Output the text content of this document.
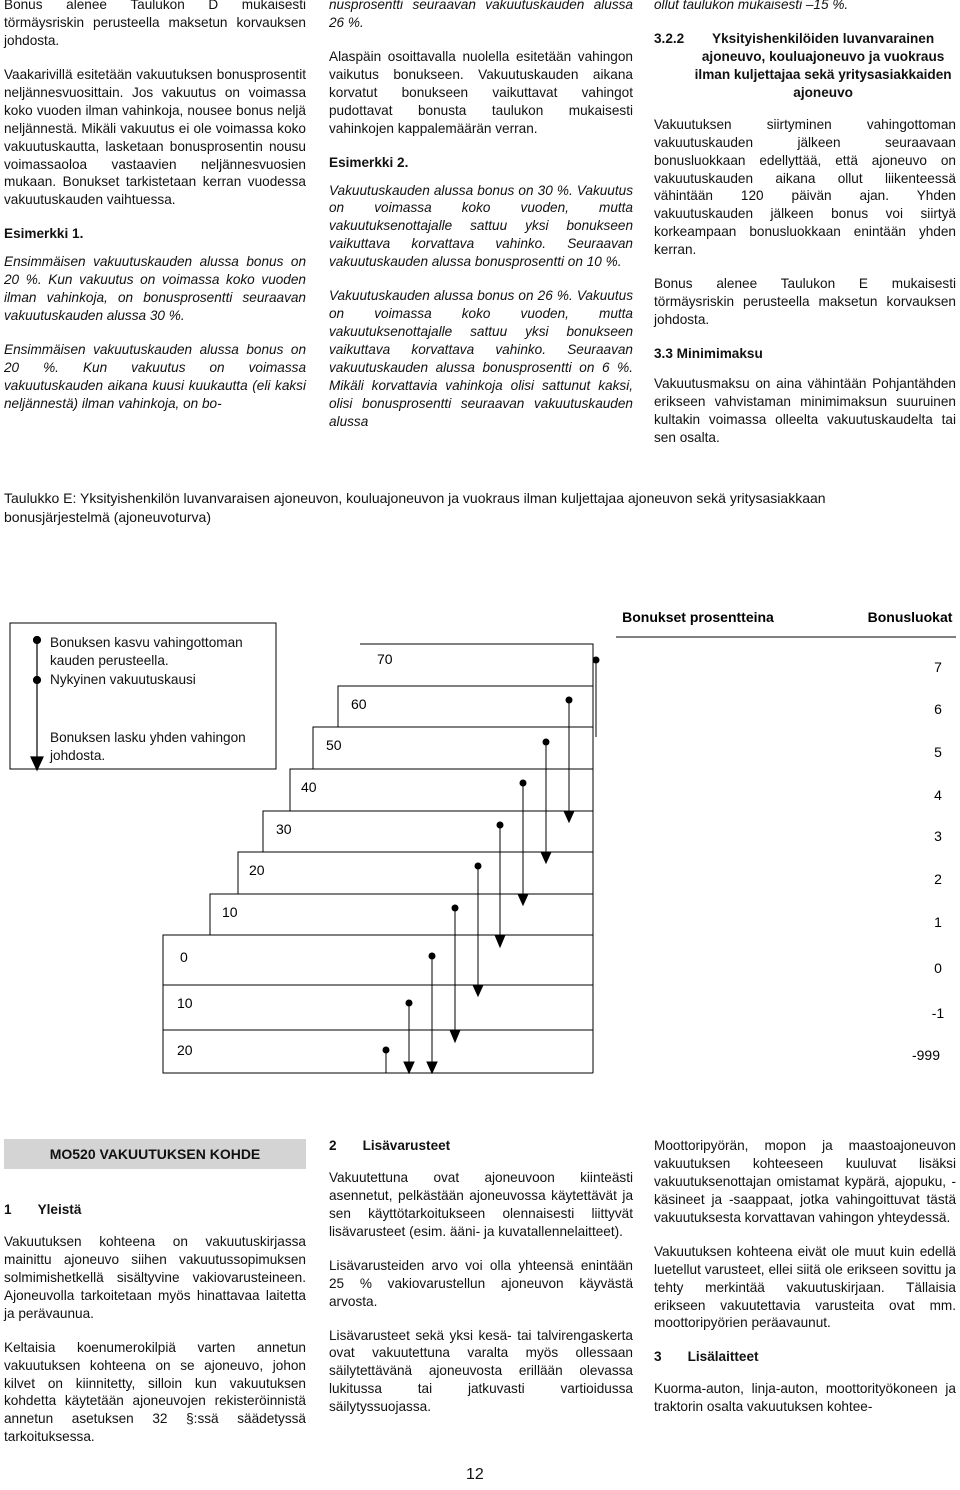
Bonus alenee Taulukon D mukaisesti törmäysriskin perusteella maksetun korvauksen johdosta.

Vaakarivillä esitetään vakuutuksen bonusprosentit neljännesvuosittain. Jos vakuutus on voimassa koko vuoden ilman vahinkoja, nousee bonus neljä neljännestä. Mikäli vakuutus ei ole voimassa koko vakuutuskautta, lasketaan bonusprosentin nousu voimassaoloa vastaavien neljännesvuosien mukaan. Bonukset tarkistetaan kerran vuodessa vakuutuskauden vaihtuessa.

Esimerkki 1.

Ensimmäisen vakuutuskauden alussa bonus on 20 %. Kun vakuutus on voimassa koko vuoden ilman vahinkoja, on bonusprosentti seuraavan vakuutuskauden alussa 30 %.

Ensimmäisen vakuutuskauden alussa bonus on 20 %. Kun vakuutus on voimassa vakuutuskauden aikana kuusi kuukautta (eli kaksi neljännestä) ilman vahinkoja, on bo-

nusprosentti seuraavan vakuutuskauden alussa 26 %.

Alaspäin osoittavalla nuolella esitetään vahingon vaikutus bonukseen. Vakuutuskauden aikana korvatut bonukseen vaikuttavat vahingot pudottavat bonusta taulukon mukaisesti vahinkojen kappalemäärän verran.

Esimerkki 2.

Vakuutuskauden alussa bonus on 30 %. Vakuutus on voimassa koko vuoden, mutta vakuutuksenottajalle sattuu yksi bonukseen vaikuttava korvattava vahinko. Seuraavan vakuutuskauden alussa bonusprosentti on 10 %.

Vakuutuskauden alussa bonus on 26 %. Vakuutus on voimassa koko vuoden, mutta vakuutuksenottajalle sattuu yksi bonukseen vaikuttava korvattava vahinko. Seuraavan vakuutuskauden alussa bonusprosentti on 6 %. Mikäli korvattavia vahinkoja olisi sattunut kaksi, olisi bonusprosentti seuraavan vakuutuskauden alussa

ollut taulukon mukaisesti –15 %.

3.2.2	Yksityishenkilöiden luvanvarainen ajoneuvo, kouluajoneuvo ja vuokraus ilman kuljettajaa sekä yritysasiakkaiden ajoneuvo

Vakuutuksen siirtyminen vahingottoman vakuutuskauden jälkeen seuraavaan bonusluokkaan edellyttää, että ajoneuvo on vakuutuskauden aikana ollut liikenteessä vähintään 120 päivän ajan. Yhden vakuutuskauden jälkeen bonus voi siirtyä korkeampaan bonusluokkaan enintään yhden kerran.

Bonus alenee Taulukon E mukaisesti törmäysriskin perusteella maksetun korvauksen johdosta.

3.3 Minimimaksu

Vakuutusmaksu on aina vähintään Pohjantähden erikseen vahvistaman minimimaksun suuruinen kultakin voimassa olleelta vakuutuskaudelta tai sen osalta.

Taulukko E: Yksityishenkilön luvanvaraisen ajoneuvon, kouluajoneuvon ja vuokraus ilman kuljettajaa ajoneuvon sekä yritysasiakkaan bonusjärjestelmä (ajoneuvoturva)
Bonukset prosentteina	Bonusluokat
70
60
50
40
30
20
10
0
10
20
7
6
5
4
3
2
1
0
-1
-999
Bonuksen kasvu vahingottoman kauden perusteella.
Nykyinen vakuutuskausi
Bonuksen lasku yhden vahingon johdosta.
MO520 VAKUUTUKSEN KOHDE
1 Yleistä

Vakuutuksen kohteena on vakuutuskirjassa mainittu ajoneuvo siihen vakuutussopimuksen solmimishetkellä sisältyvine vakiovarusteineen. Ajoneuvolla tarkoitetaan myös hinattavaa laitetta ja perävaunua.

Keltaisia koenumerokilpiä varten annetun vakuutuksen kohteena on se ajoneuvo, johon kilvet on kiinnitetty, silloin kun vakuutuksen kohdetta käytetään ajoneuvojen rekisteröinnistä annetun asetuksen 32 §:ssä säädetyssä tarkoituksessa.

2 Lisävarusteet

Vakuutettuna ovat ajoneuvoon kiinteästi asennetut, pelkästään ajoneuvossa käytettävät ja sen käyttötarkoitukseen olennaisesti liittyvät lisävarusteet (esim. ääni- ja kuvatallennelaitteet).

Lisävarusteiden arvo voi olla yhteensä enintään 25 % vakiovarustellun ajoneuvon käyvästä arvosta.

Lisävarusteet sekä yksi kesä- tai talvirengaskerta ovat vakuutettuna varalta myös ollessaan säilytettävänä ajoneuvosta erillään olevassa lukitussa tai jatkuvasti vartioidussa säilytyssuojassa.

Moottoripyörän, mopon ja maastoajoneuvon vakuutuksen kohteeseen kuuluvat lisäksi vakuutuksenottajan omistamat kypärä, ajopuku, -käsineet ja -saappaat, jotka vahingoittuvat tästä vakuutuksesta korvattavan vahingon yhteydessä.

Vakuutuksen kohteena eivät ole muut kuin edellä luetellut varusteet, ellei siitä ole erikseen sovittu ja tehty merkintää vakuutuskirjaan. Tällaisia erikseen vakuutettavia varusteita ovat mm. moottoripyörien peräavaunut.

3 Lisälaitteet

Kuorma-auton, linja-auton, moottorityökoneen ja traktorin osalta vakuutuksen kohtee-

12
